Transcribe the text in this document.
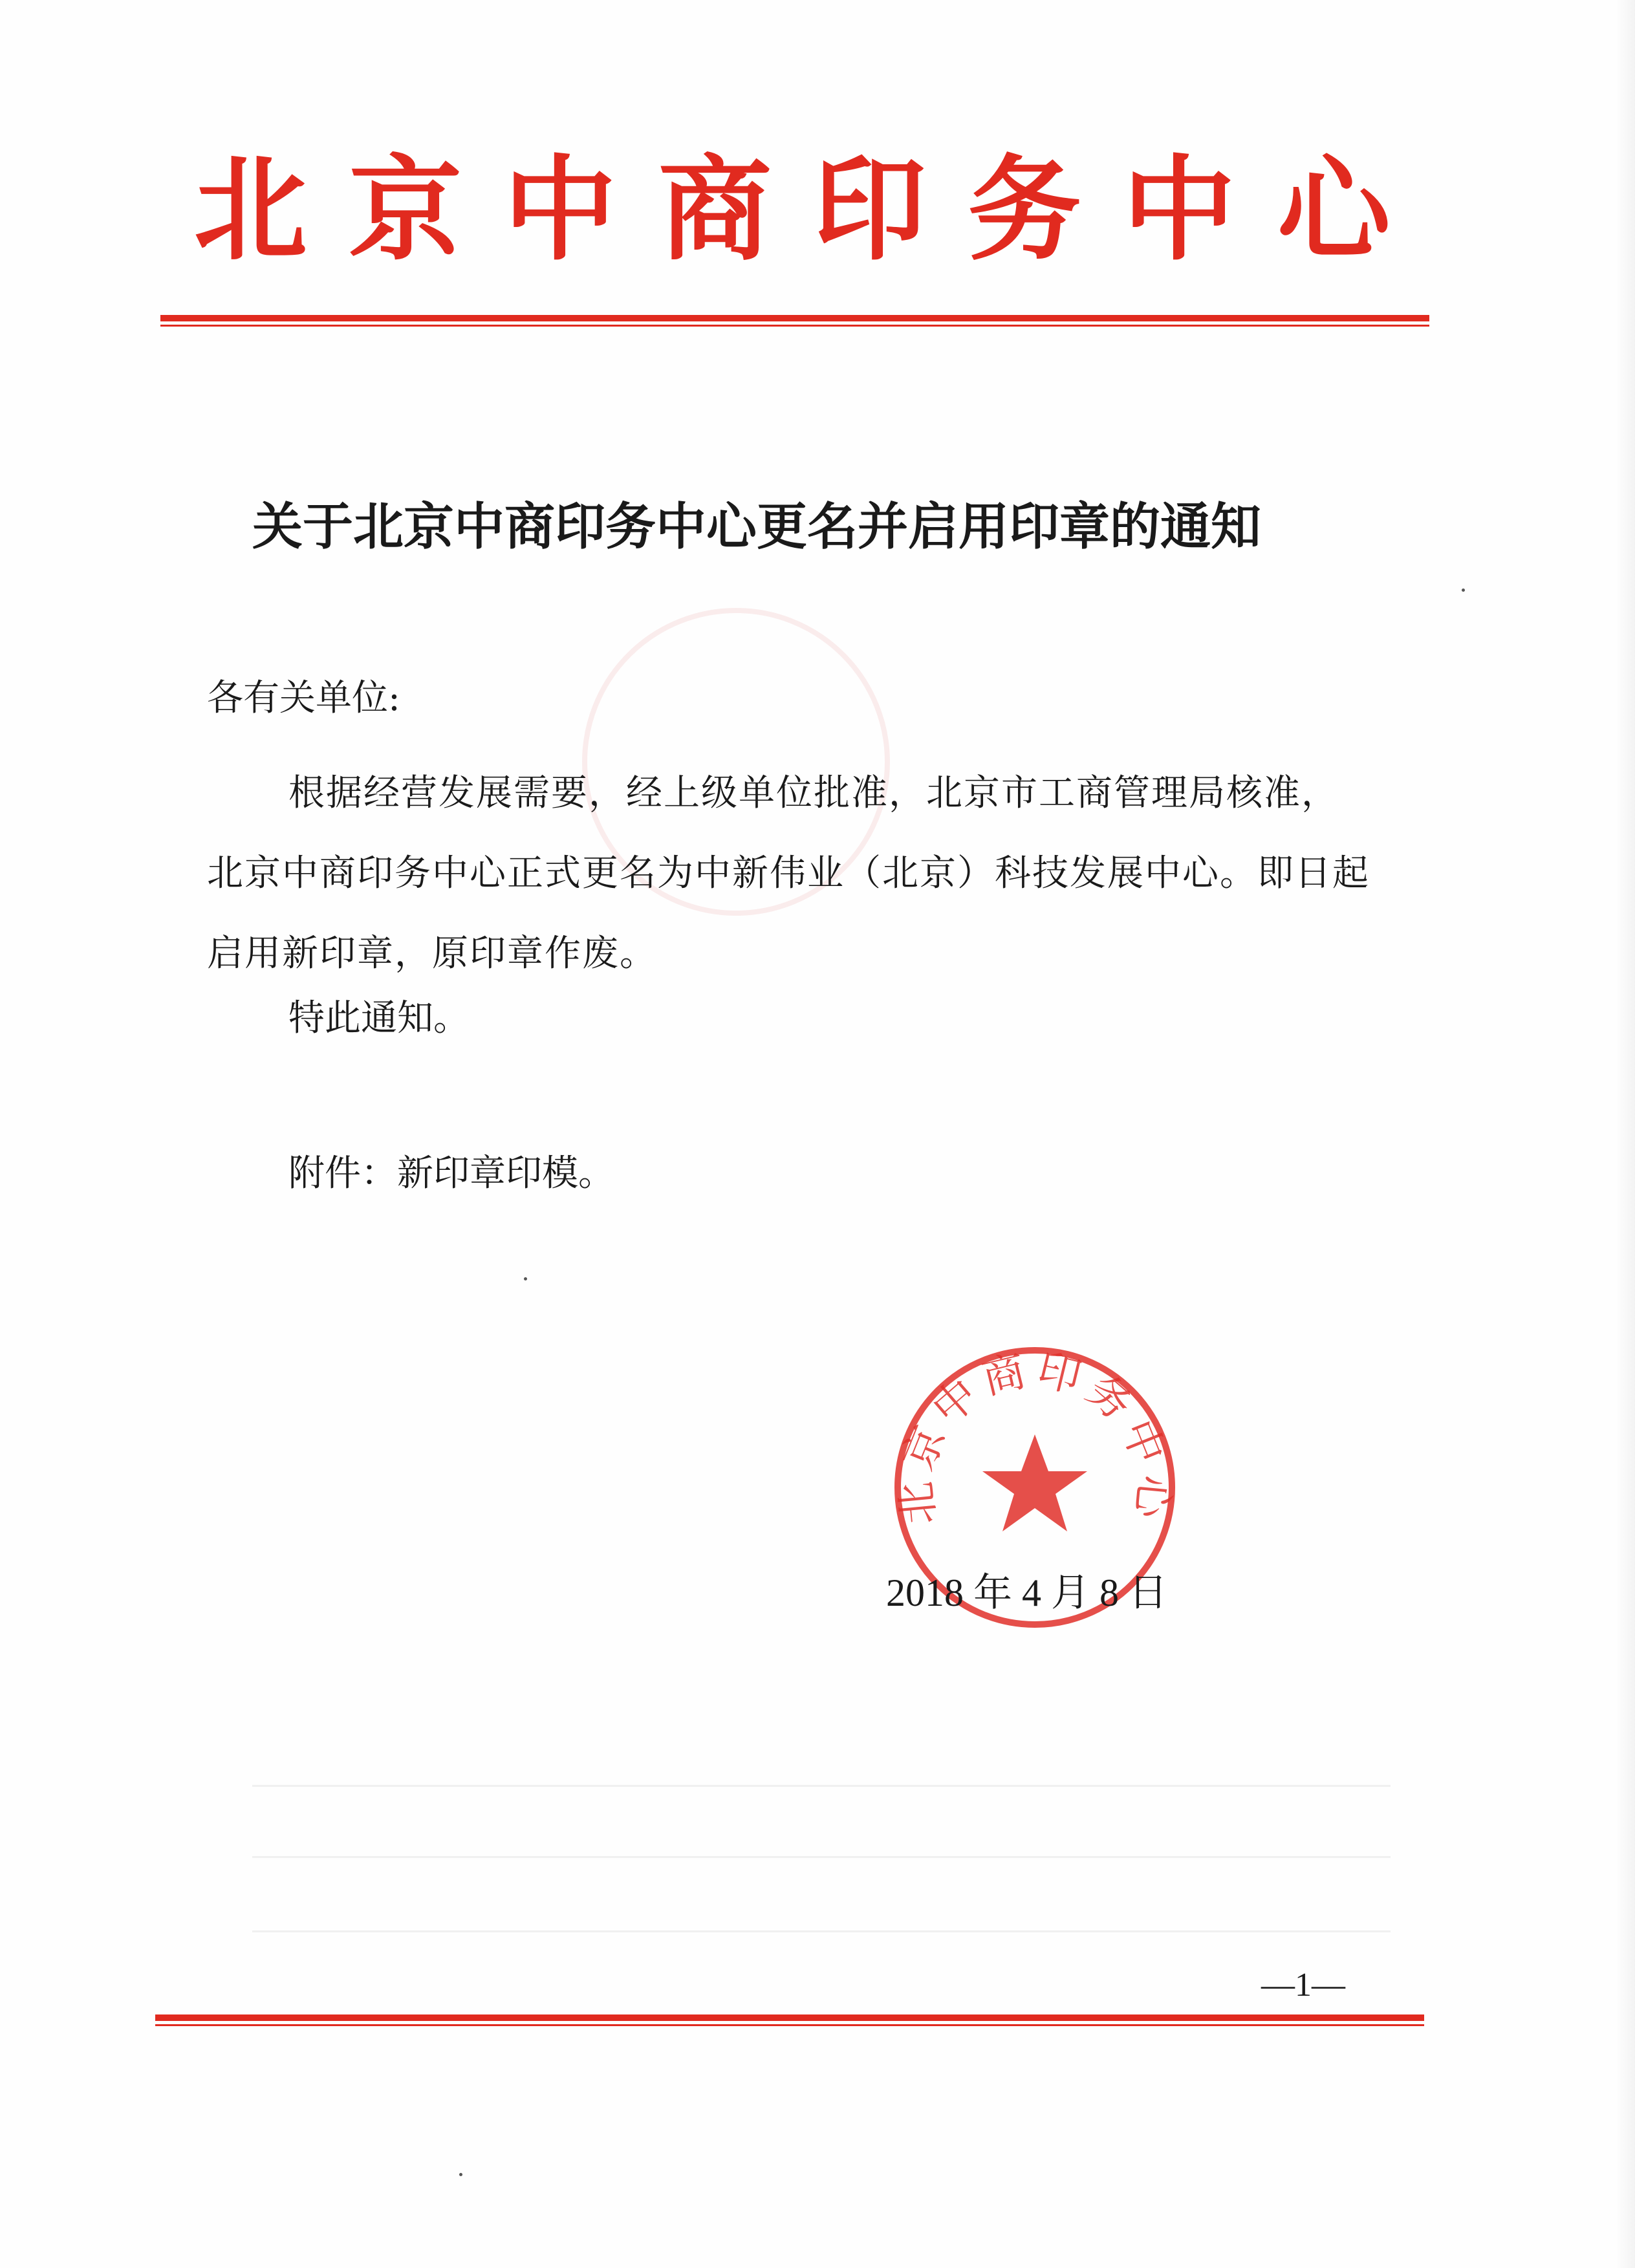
北 京 中 商 印 务 中 心
关于北京中商印务中心更名并启用印章的通知
各有关单位:
根据经营发展需要，经上级单位批准，北京市工商管理局核准，北京中商印务中心正式更名为中新伟业（北京）科技发展中心。即日起启用新印章，原印章作废。
特此通知。
附件：新印章印模。
北京中商印务中心
2018 年 4 月 8 日
—1—
